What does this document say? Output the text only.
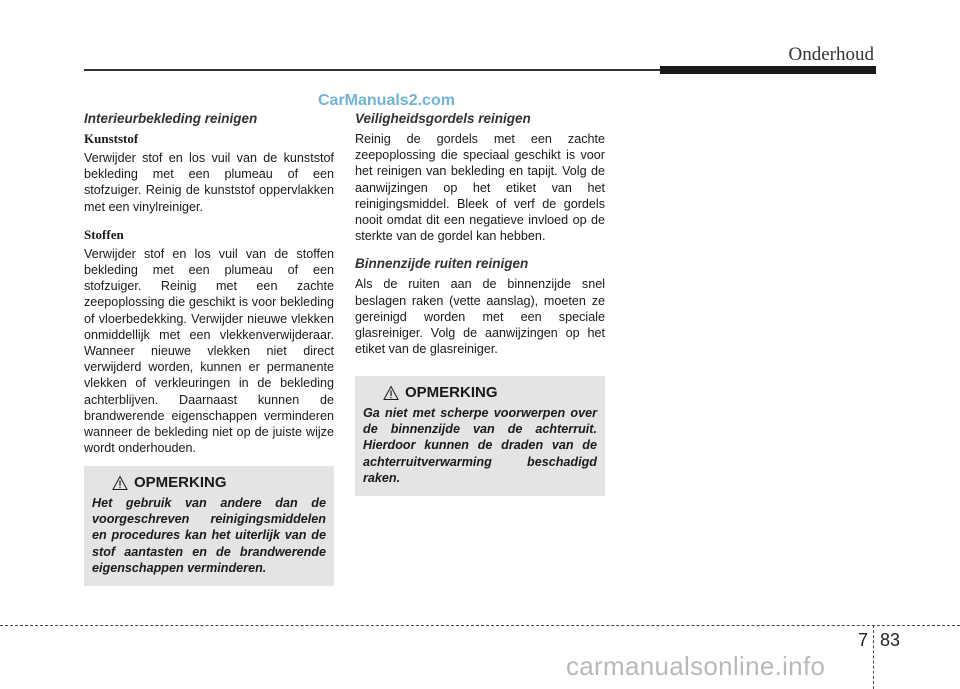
Onderhoud
CarManuals2.com
Interieurbekleding reinigen
Kunststof

Verwijder stof en los vuil van de kunststof bekleding met een plumeau of een stofzuiger. Reinig de kunststof oppervlakken met een vinylreiniger.

Stoffen

Verwijder stof en los vuil van de stoffen bekleding met een plumeau of een stofzuiger. Reinig met een zachte zeepoplossing die geschikt is voor bekleding of vloerbedekking. Verwijder nieuwe vlekken onmiddellijk met een vlekkenverwijderaar. Wanneer nieuwe vlekken niet direct verwijderd worden, kunnen er permanente vlekken of verkleuringen in de bekleding achterblijven. Daarnaast kunnen de brandwerende eigenschappen verminderen wanneer de bekleding niet op de juiste wijze wordt onderhouden.

OPMERKING

Het gebruik van andere dan de voorgeschreven reinigingsmiddelen en procedures kan het uiterlijk van de stof aantasten en de brandwerende eigenschappen verminderen.

Veiligheidsgordels reinigen

Reinig de gordels met een zachte zeepoplossing die speciaal geschikt is voor het reinigen van bekleding en tapijt. Volg de aanwijzingen op het etiket van het reinigingsmiddel. Bleek of verf de gordels nooit omdat dit een negatieve invloed op de sterkte van de gordel kan hebben.

Binnenzijde ruiten reinigen

Als de ruiten aan de binnenzijde snel beslagen raken (vette aanslag), moeten ze gereinigd worden met een speciale glasreiniger. Volg de aanwijzingen op het etiket van de glasreiniger.

OPMERKING

Ga niet met scherpe voorwerpen over de binnenzijde van de achterruit. Hierdoor kunnen de draden van de achterruitverwarming beschadigd raken.

7 83
carmanualsonline.info
